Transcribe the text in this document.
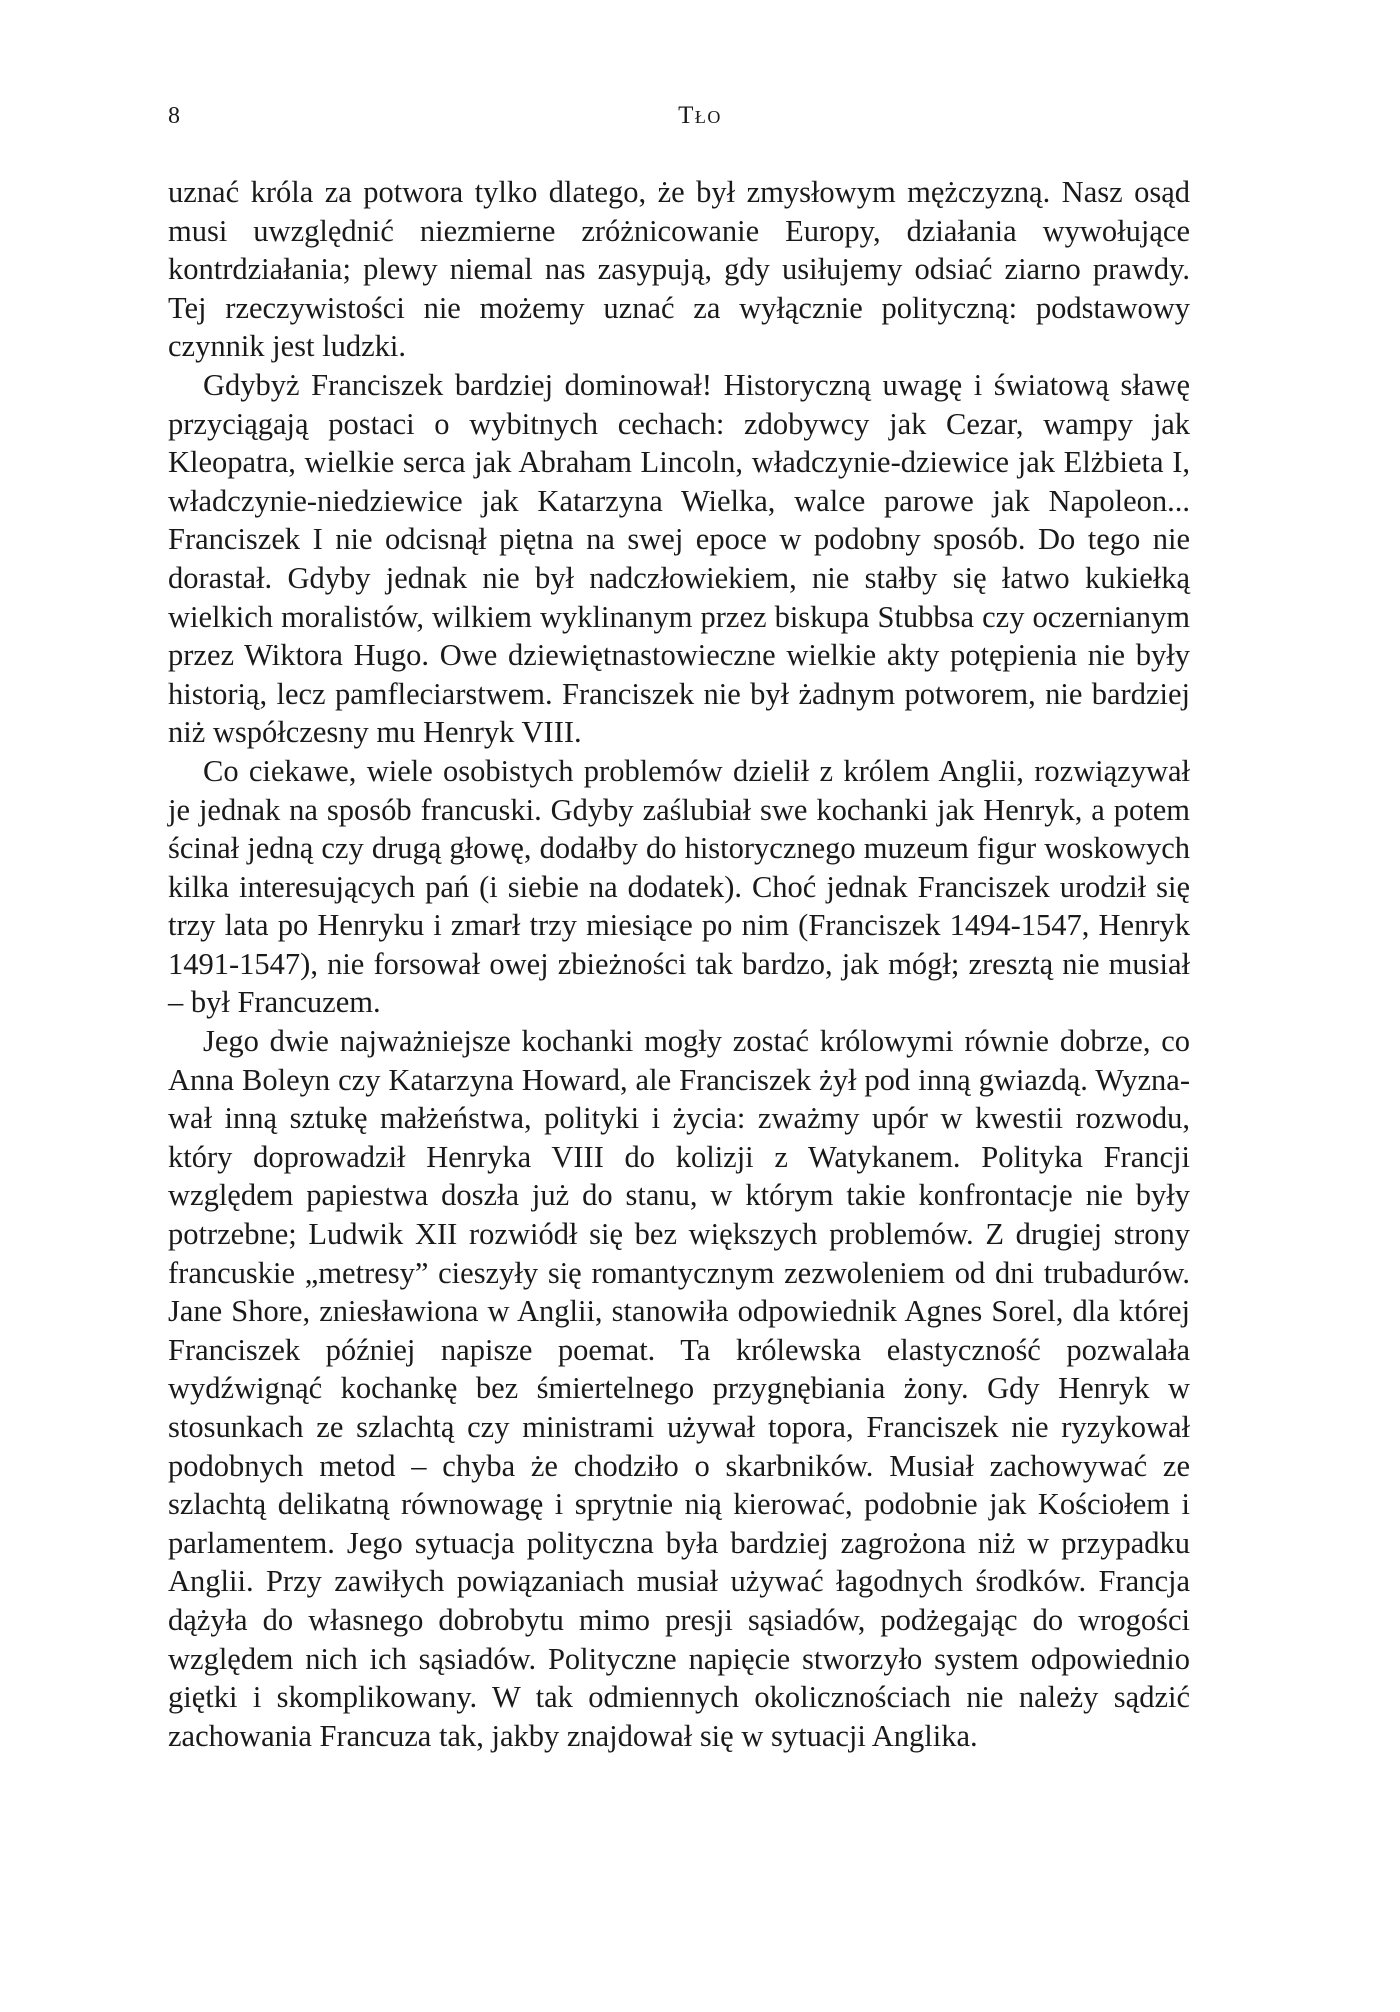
8	Tło

uznać króla za potwora tylko dlatego, że był zmysłowym mężczyzną. Nasz osąd musi uwzględnić niezmierne zróżnicowanie Europy, działania wywołujące kontrdziałania; plewy niemal nas zasypują, gdy usiłujemy odsiać ziarno prawdy. Tej rzeczywistości nie możemy uznać za wyłącznie polityczną: podstawowy czynnik jest ludzki.

Gdybyż Franciszek bardziej dominował! Historyczną uwagę i światową sławę przyciągają postaci o wybitnych cechach: zdobywcy jak Cezar, wampy jak Kleopatra, wielkie serca jak Abraham Lincoln, władczynie-dziewice jak Elżbieta I, władczynie-niedziewice jak Katarzyna Wielka, walce parowe jak Napoleon... Franciszek I nie odcisnął piętna na swej epoce w podobny sposób. Do tego nie dorastał. Gdyby jednak nie był nadczłowiekiem, nie stałby się łatwo kukiełką wielkich moralistów, wilkiem wyklinanym przez biskupa Stubbsa czy oczernianym przez Wiktora Hugo. Owe dziewiętnastowieczne wielkie akty potępienia nie były historią, lecz pamfleciarstwem. Franciszek nie był żadnym potworem, nie bardziej niż współczesny mu Henryk VIII.

Co ciekawe, wiele osobistych problemów dzielił z królem Anglii, rozwiązywał je jednak na sposób francuski. Gdyby zaślubiał swe kochanki jak Henryk, a potem ścinał jedną czy drugą głowę, dodałby do historycznego muzeum figur woskowych kilka interesujących pań (i siebie na dodatek). Choć jednak Franciszek urodził się trzy lata po Henryku i zmarł trzy miesiące po nim (Franciszek 1494-1547, Henryk 1491-1547), nie forsował owej zbieżności tak bardzo, jak mógł; zresztą nie musiał – był Francuzem.

Jego dwie najważniejsze kochanki mogły zostać królowymi równie dobrze, co Anna Boleyn czy Katarzyna Howard, ale Franciszek żył pod inną gwiazdą. Wyznawał inną sztukę małżeństwa, polityki i życia: zważmy upór w kwestii rozwodu, który doprowadził Henryka VIII do kolizji z Watykanem. Polityka Francji względem papiestwa doszła już do stanu, w którym takie konfrontacje nie były potrzebne; Ludwik XII rozwiódł się bez większych problemów. Z drugiej strony francuskie „metresy” cieszyły się romantycznym zezwoleniem od dni trubadurów. Jane Shore, zniesławiona w Anglii, stanowiła odpowiednik Agnes Sorel, dla której Franciszek później napisze poemat. Ta królewska elastyczność pozwalała wydźwignąć kochankę bez śmiertelnego przygnębiania żony. Gdy Henryk w stosunkach ze szlachtą czy ministrami używał topora, Franciszek nie ryzykował podobnych metod – chyba że chodziło o skarbników. Musiał zachowywać ze szlachtą delikatną równowagę i sprytnie nią kierować, podobnie jak Kościołem i parlamentem. Jego sytuacja polityczna była bardziej zagrożona niż w przypadku Anglii. Przy zawiłych powiązaniach musiał używać łagodnych środków. Francja dążyła do własnego dobrobytu mimo presji sąsiadów, podżegając do wrogości względem nich ich sąsiadów. Polityczne napięcie stworzyło system odpowiednio giętki i skomplikowany. W tak odmiennych okolicznościach nie należy sądzić zachowania Francuza tak, jakby znajdował się w sytuacji Anglika.
